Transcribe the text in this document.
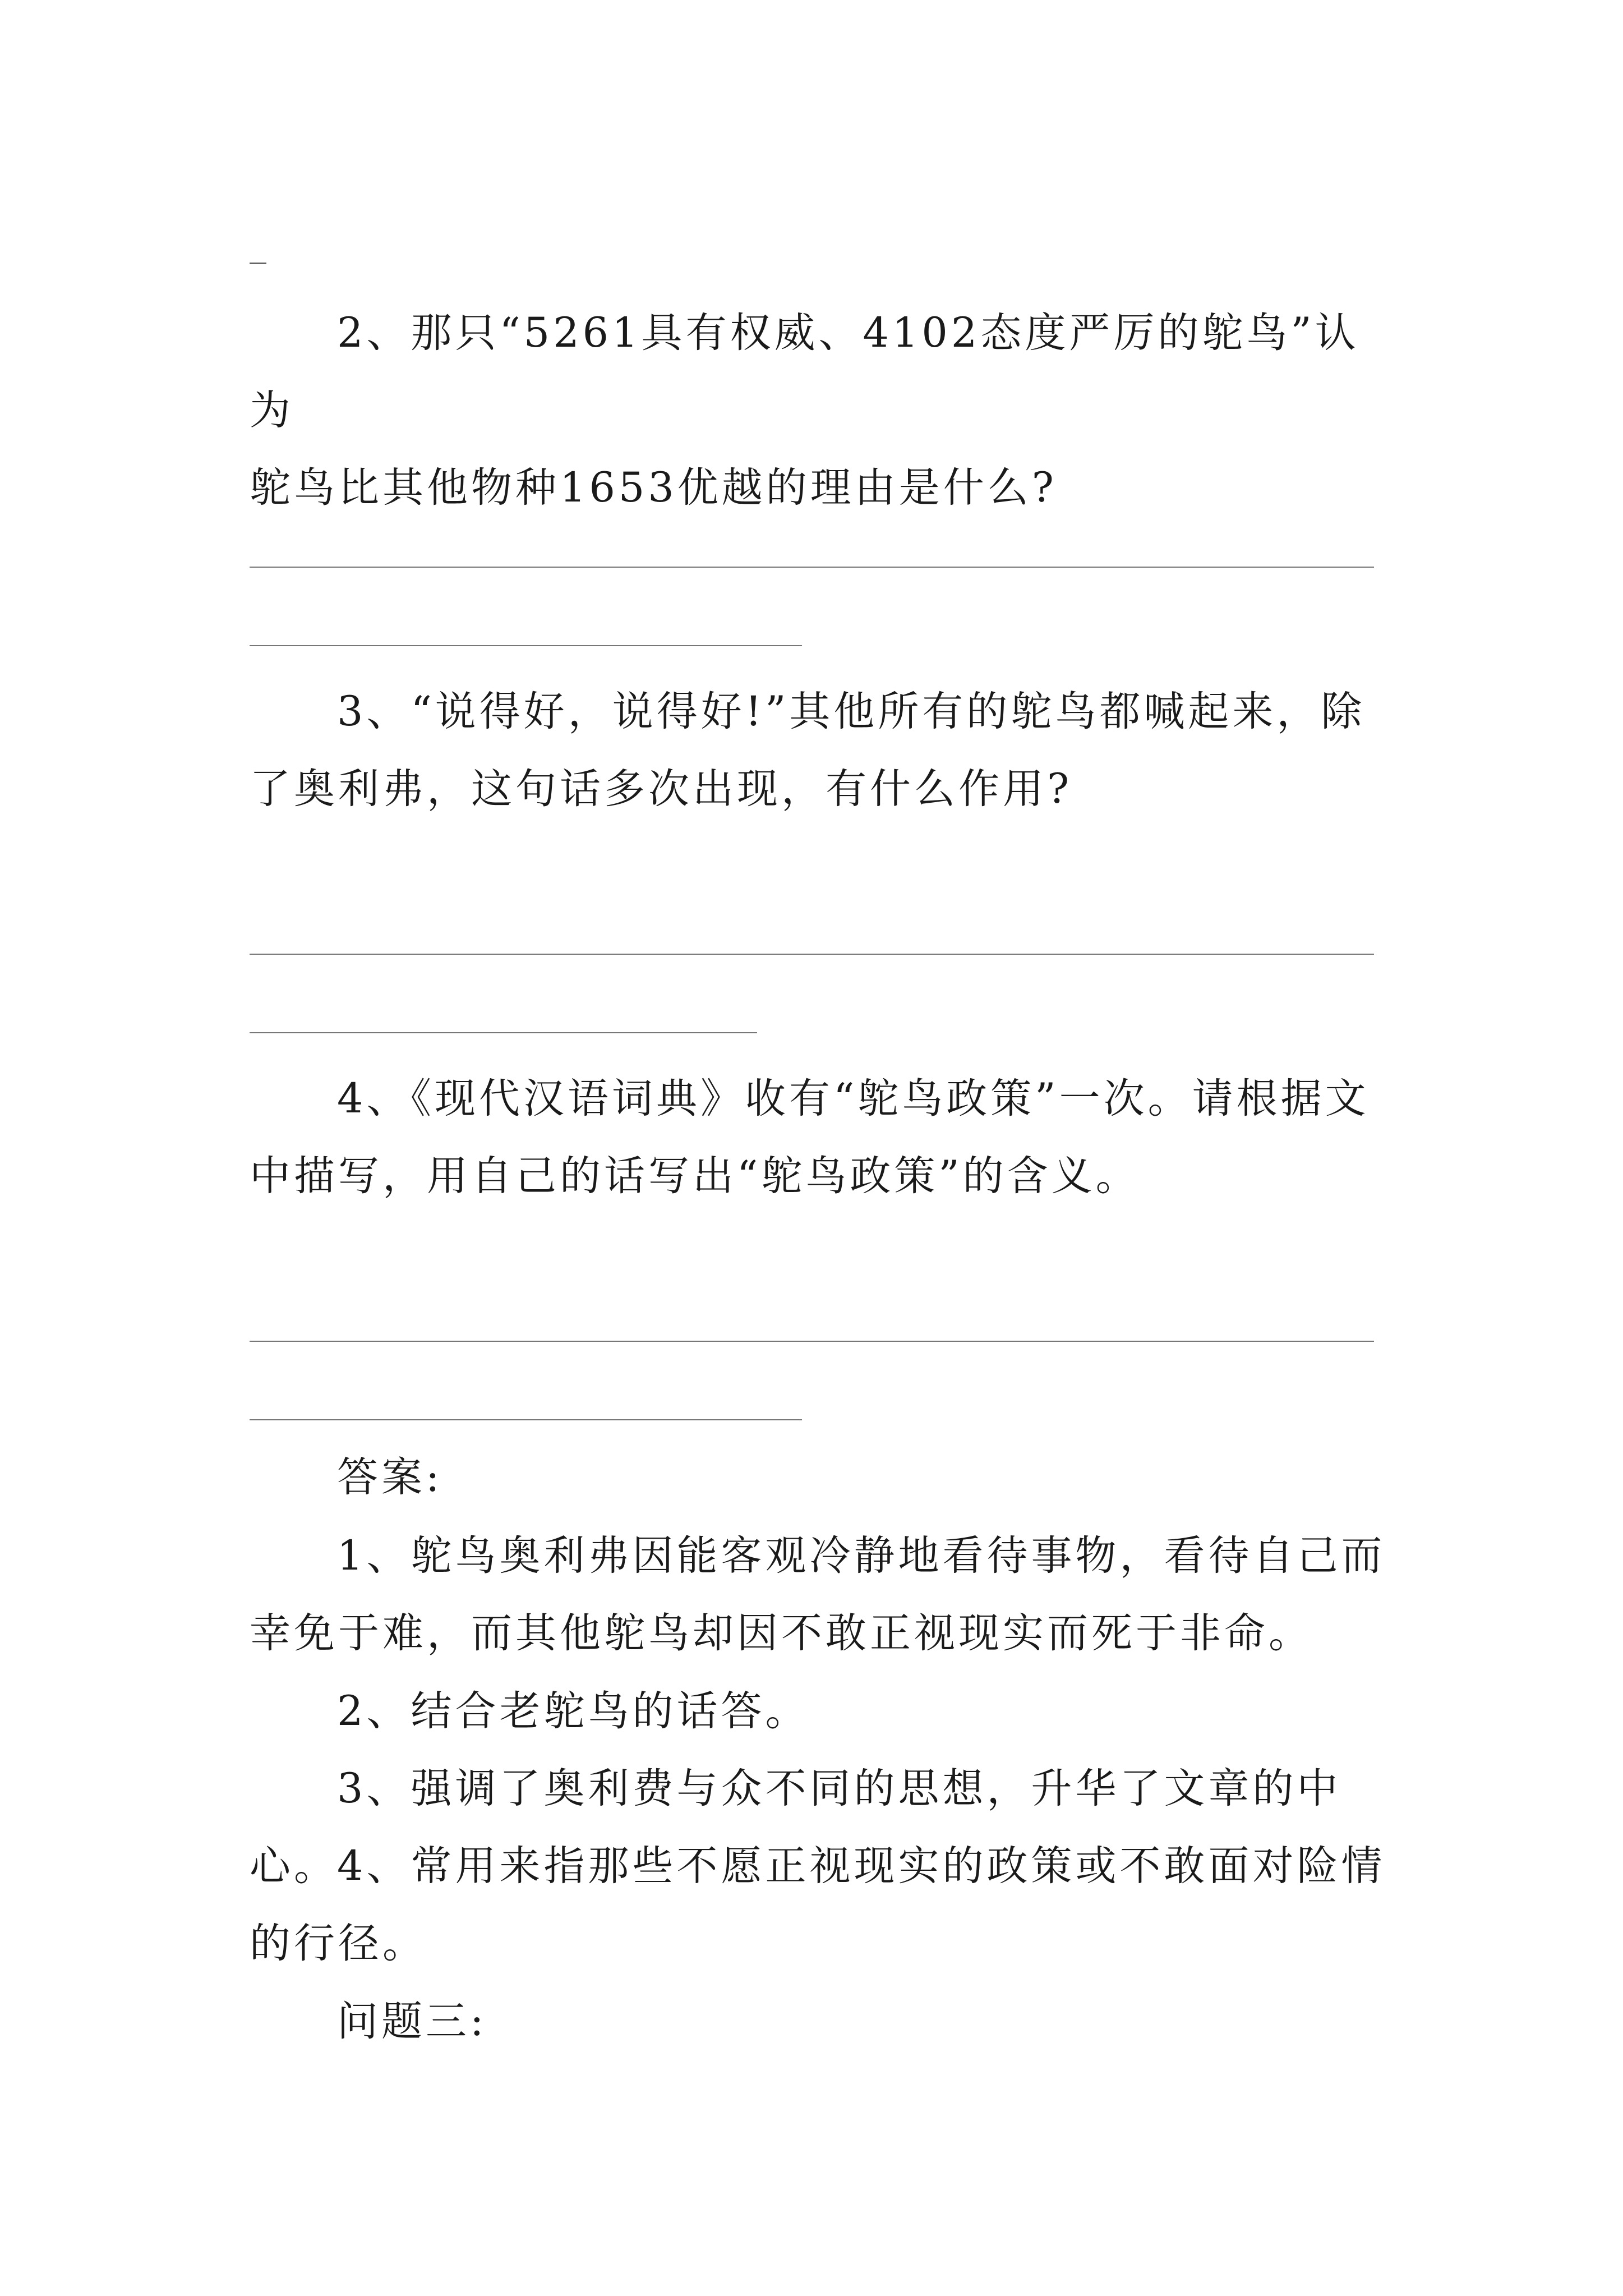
2、那只“5261具有权威、4102态度严厉的鸵鸟”认为
鸵鸟比其他物种1653优越的理由是什么?

3、“说得好，说得好!”其他所有的鸵鸟都喊起来，除
了奥利弗，这句话多次出现，有什么作用?

4、《现代汉语词典》收有“鸵鸟政策”一次。请根据文
中描写，用自己的话写出“鸵鸟政策”的含义。

答案:

1、鸵鸟奥利弗因能客观冷静地看待事物，看待自己而
幸免于难，而其他鸵鸟却因不敢正视现实而死于非命。

2、结合老鸵鸟的话答。

3、强调了奥利费与众不同的思想，升华了文章的中心。

4、常用来指那些不愿正视现实的政策或不敢面对险情
的行径。

问题三:
